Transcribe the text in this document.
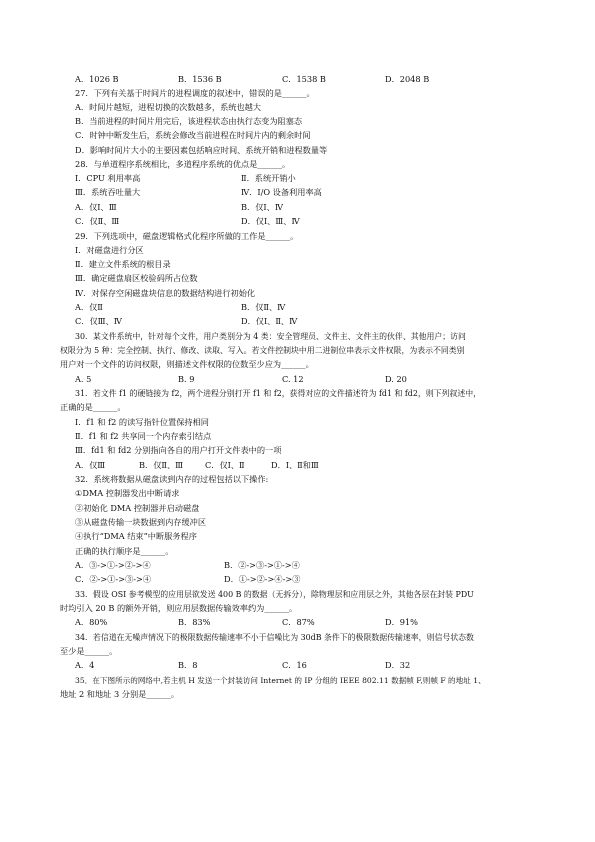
A．1026 B	B．1536 B	C．1538 B	D．2048 B
27．下列有关基于时间片的进程调度的叙述中，错误的是______。
A．时间片越短，进程切换的次数越多，系统也越大
B．当前进程的时间片用完后，该进程状态由执行态变为阻塞态
C．时钟中断发生后，系统会修改当前进程在时间片内的剩余时间
D．影响时间片大小的主要因素包括响应时间、系统开销和进程数量等
28．与单道程序系统相比，多道程序系统的优点是______。
Ⅰ．CPU 利用率高	Ⅱ．系统开销小
Ⅲ．系统吞吐量大	Ⅳ．I/O 设备利用率高
A．仅Ⅰ、Ⅲ	B．仅Ⅰ、Ⅳ
C．仅Ⅱ、Ⅲ	D．仅Ⅰ、Ⅲ、Ⅳ
29．下列选项中，磁盘逻辑格式化程序所做的工作是______。
Ⅰ．对磁盘进行分区
Ⅱ．建立文件系统的根目录
Ⅲ．确定磁盘扇区校验码所占位数
Ⅳ．对保存空闲磁盘块信息的数据结构进行初始化
A．仅Ⅱ	B．仅Ⅱ、Ⅳ
C．仅Ⅲ、Ⅳ	D．仅Ⅰ、Ⅱ、Ⅳ
30．某文件系统中，针对每个文件，用户类别分为 4 类：安全管理员、文件主、文件主的伙伴、其他用户；访问
权限分为 5 种：完全控制、执行、修改、读取、写入。若文件控制块中用二进制位串表示文件权限，为表示不同类别
用户对一个文件的访问权限，则描述文件权限的位数至少应为______。
A. 5	B. 9	C. 12	D. 20
31．若文件 f1 的硬链接为 f2，两个进程分别打开 f1 和 f2，获得对应的文件描述符为 fd1 和 fd2，则下列叙述中，
正确的是______。
Ⅰ．f1 和 f2 的读写指针位置保持相同
Ⅱ．f1 和 f2 共享同一个内存索引结点
Ⅲ．fd1 和 fd2 分别指向各自的用户打开文件表中的一项
A．仅Ⅲ	B．仅Ⅱ、Ⅲ	C．仅Ⅰ、Ⅱ	D．Ⅰ、Ⅱ和Ⅲ
32．系统将数据从磁盘读到内存的过程包括以下操作:
①DMA 控制器发出中断请求
②初始化 DMA 控制器并启动磁盘
③从磁盘传输一块数据到内存缓冲区
④执行“DMA 结束”中断服务程序
正确的执行顺序是______。
A．③->①->②->④	B．②->③->①->④
C．②->①->③->④	D．①->②->④->③
33．假设 OSI 参考模型的应用层欲发送 400 B 的数据（无拆分），除物理层和应用层之外，其他各层在封装 PDU
时均引入 20 B 的额外开销，则应用层数据传输效率约为______。
A．80%	B．83%	C．87%	D．91%
34．若信道在无噪声情况下的极限数据传输速率不小于信噪比为 30dB 条件下的极限数据传输速率，则信号状态数
至少是______。
A．4	B．8	C．16	D．32
35．在下图所示的网络中,若主机 H 发送一个封装访问 Internet 的 IP 分组的 IEEE 802.11 数据帧 F,则帧 F 的地址 1、
地址 2 和地址 3 分别是______。
